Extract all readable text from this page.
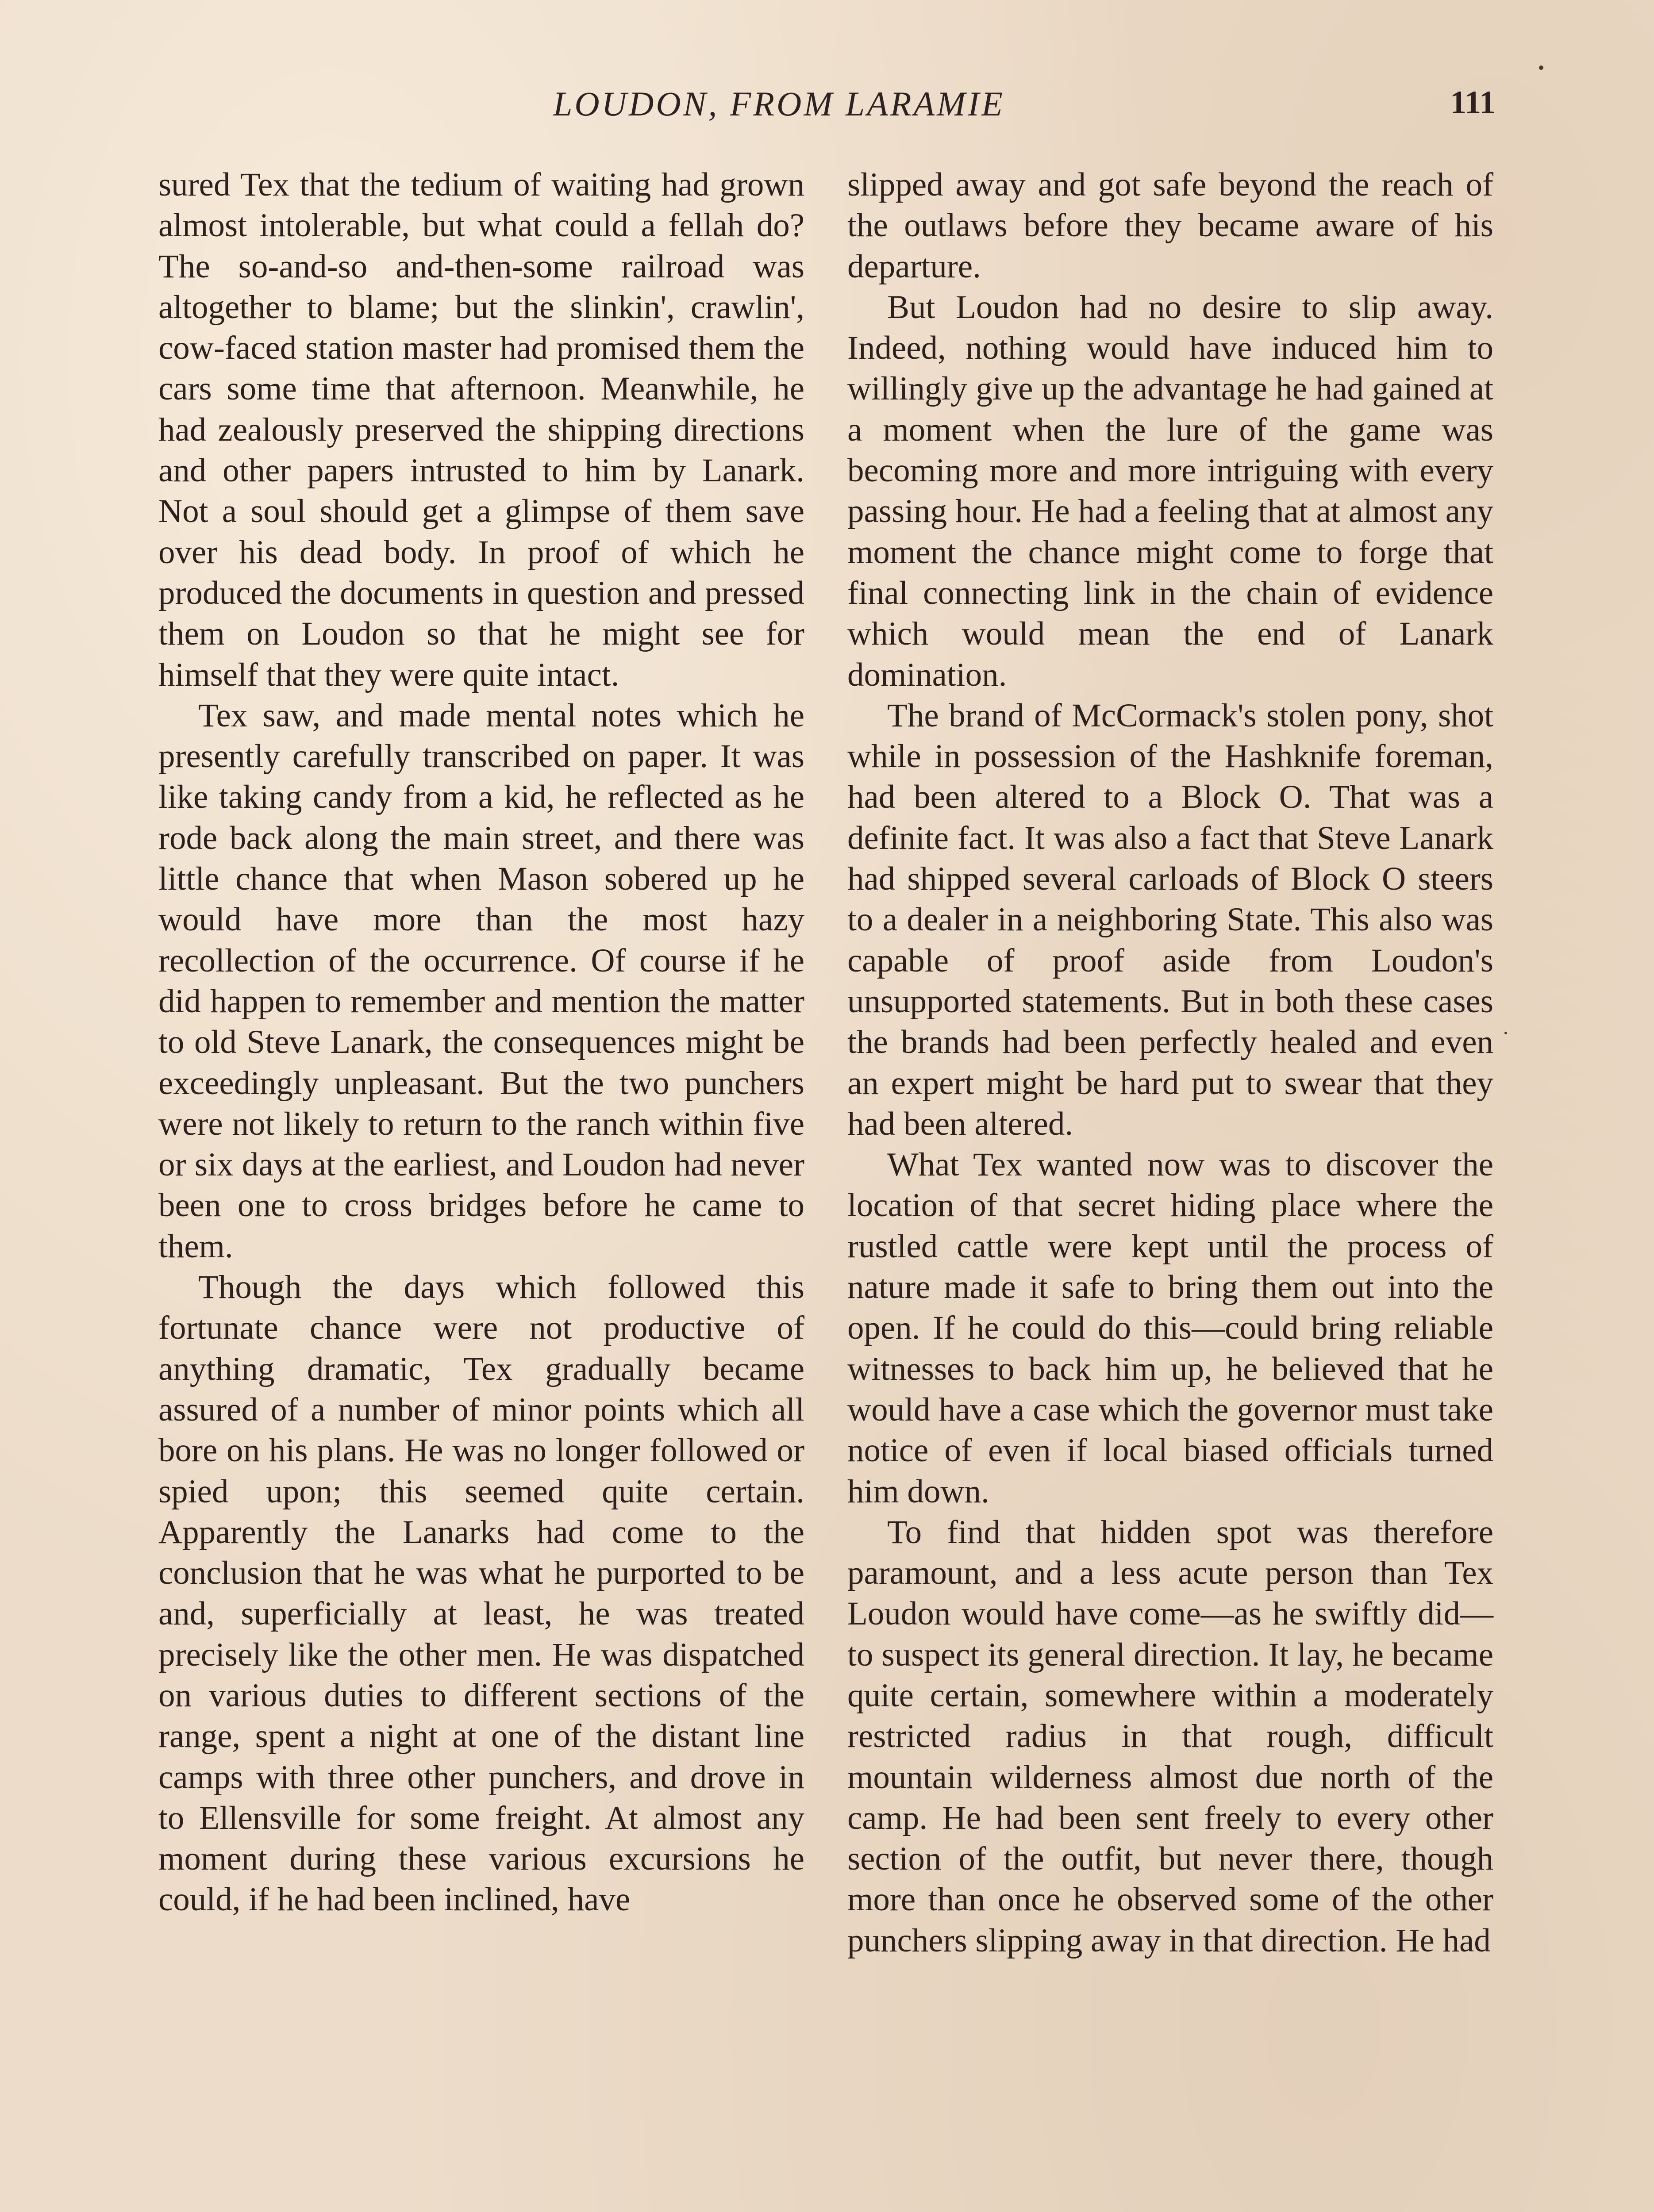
LOUDON, FROM LARAMIE	111

sured Tex that the tedium of waiting had grown almost intolerable, but what could a fellah do? The so-and-so and-then-some railroad was altogether to blame; but the slinkin', crawlin', cow-faced station master had promised them the cars some time that afternoon. Meanwhile, he had zealously preserved the shipping directions and other papers intrusted to him by Lanark. Not a soul should get a glimpse of them save over his dead body. In proof of which he produced the documents in question and pressed them on Loudon so that he might see for himself that they were quite intact.

Tex saw, and made mental notes which he presently carefully transcribed on paper. It was like taking candy from a kid, he reflected as he rode back along the main street, and there was little chance that when Mason sobered up he would have more than the most hazy recollection of the occurrence. Of course if he did happen to remember and mention the matter to old Steve Lanark, the consequences might be exceedingly unpleasant. But the two punchers were not likely to return to the ranch within five or six days at the earliest, and Loudon had never been one to cross bridges before he came to them.

Though the days which followed this fortunate chance were not productive of anything dramatic, Tex gradually became assured of a number of minor points which all bore on his plans. He was no longer followed or spied upon; this seemed quite certain. Apparently the Lanarks had come to the conclusion that he was what he purported to be and, superficially at least, he was treated precisely like the other men. He was dispatched on various duties to different sections of the range, spent a night at one of the distant line camps with three other punchers, and drove in to Ellensville for some freight. At almost any moment during these various excursions he could, if he had been inclined, have

slipped away and got safe beyond the reach of the outlaws before they became aware of his departure.

But Loudon had no desire to slip away. Indeed, nothing would have induced him to willingly give up the advantage he had gained at a moment when the lure of the game was becoming more and more intriguing with every passing hour. He had a feeling that at almost any moment the chance might come to forge that final connecting link in the chain of evidence which would mean the end of Lanark domination.

The brand of McCormack's stolen pony, shot while in possession of the Hashknife foreman, had been altered to a Block O. That was a definite fact. It was also a fact that Steve Lanark had shipped several carloads of Block O steers to a dealer in a neighboring State. This also was capable of proof aside from Loudon's unsupported statements. But in both these cases the brands had been perfectly healed and even an expert might be hard put to swear that they had been altered.

What Tex wanted now was to discover the location of that secret hiding place where the rustled cattle were kept until the process of nature made it safe to bring them out into the open. If he could do this—could bring reliable witnesses to back him up, he believed that he would have a case which the governor must take notice of even if local biased officials turned him down.

To find that hidden spot was therefore paramount, and a less acute person than Tex Loudon would have come—as he swiftly did—to suspect its general direction. It lay, he became quite certain, somewhere within a moderately restricted radius in that rough, difficult mountain wilderness almost due north of the camp. He had been sent freely to every other section of the outfit, but never there, though more than once he observed some of the other punchers slipping away in that direction. He had
